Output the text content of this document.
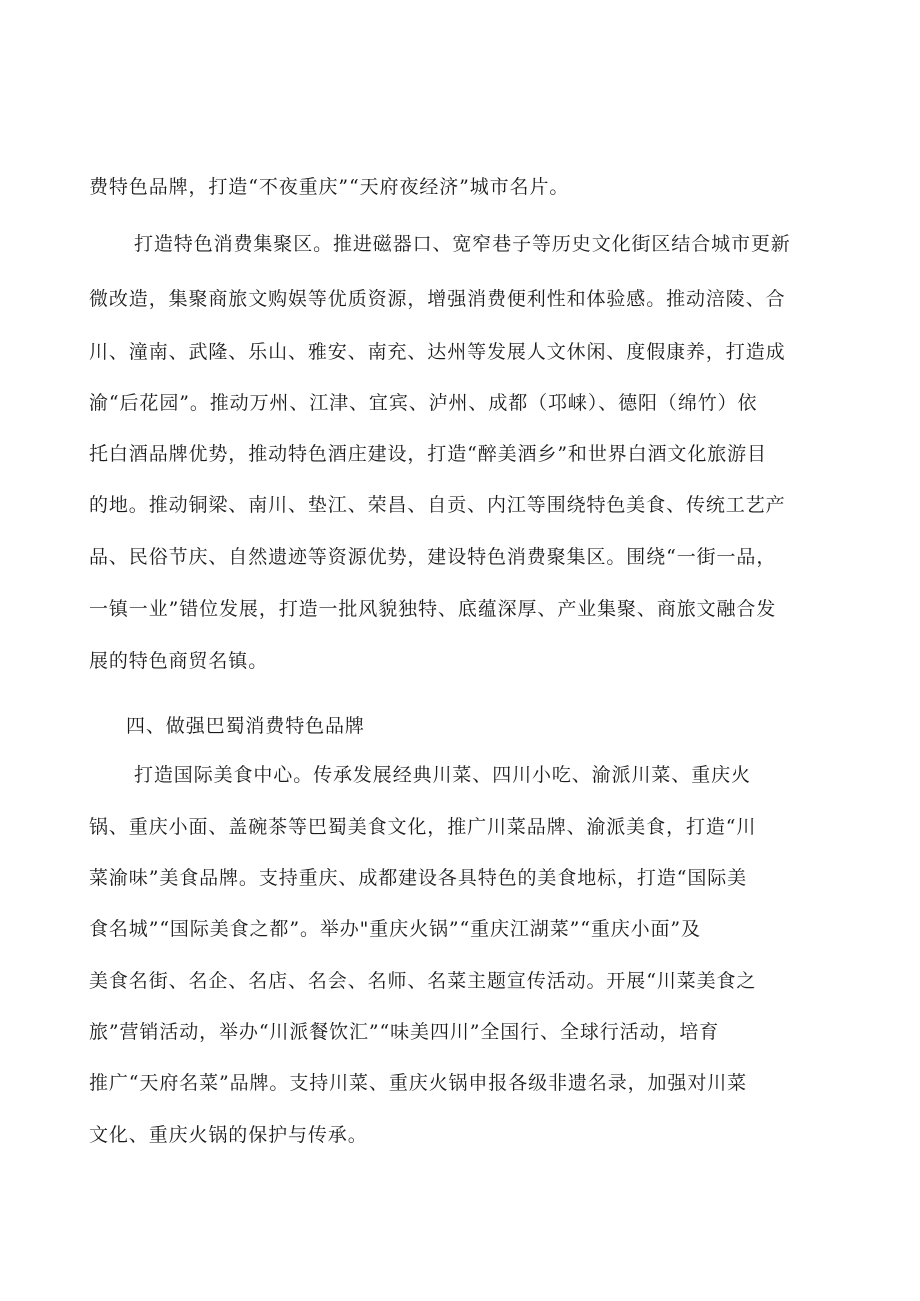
费特色品牌，打造“不夜重庆”“天府夜经济”城市名片。
打造特色消费集聚区。推进磁器口、宽窄巷子等历史文化街区结合城市更新
微改造，集聚商旅文购娱等优质资源，增强消费便利性和体验感。推动涪陵、合
川、潼南、武隆、乐山、雅安、南充、达州等发展人文休闲、度假康养，打造成
渝“后花园”。推动万州、江津、宜宾、泸州、成都（邛崃）、德阳（绵竹）依
托白酒品牌优势，推动特色酒庄建设，打造“醉美酒乡”和世界白酒文化旅游目
的地。推动铜梁、南川、垫江、荣昌、自贡、内江等围绕特色美食、传统工艺产
品、民俗节庆、自然遗迹等资源优势，建设特色消费聚集区。围绕“一街一品，
一镇一业”错位发展，打造一批风貌独特、底蕴深厚、产业集聚、商旅文融合发
展的特色商贸名镇。
四、做强巴蜀消费特色品牌
打造国际美食中心。传承发展经典川菜、四川小吃、渝派川菜、重庆火
锅、重庆小面、盖碗茶等巴蜀美食文化，推广川菜品牌、渝派美食，打造“川
菜渝味”美食品牌。支持重庆、成都建设各具特色的美食地标，打造“国际美
食名城”“国际美食之都”。举办"重庆火锅”“重庆江湖菜”“重庆小面”及
美食名街、名企、名店、名会、名师、名菜主题宣传活动。开展“川菜美食之
旅”营销活动，举办“川派餐饮汇”“味美四川”全国行、全球行活动，培育
推广“天府名菜”品牌。支持川菜、重庆火锅申报各级非遗名录，加强对川菜
文化、重庆火锅的保护与传承。
